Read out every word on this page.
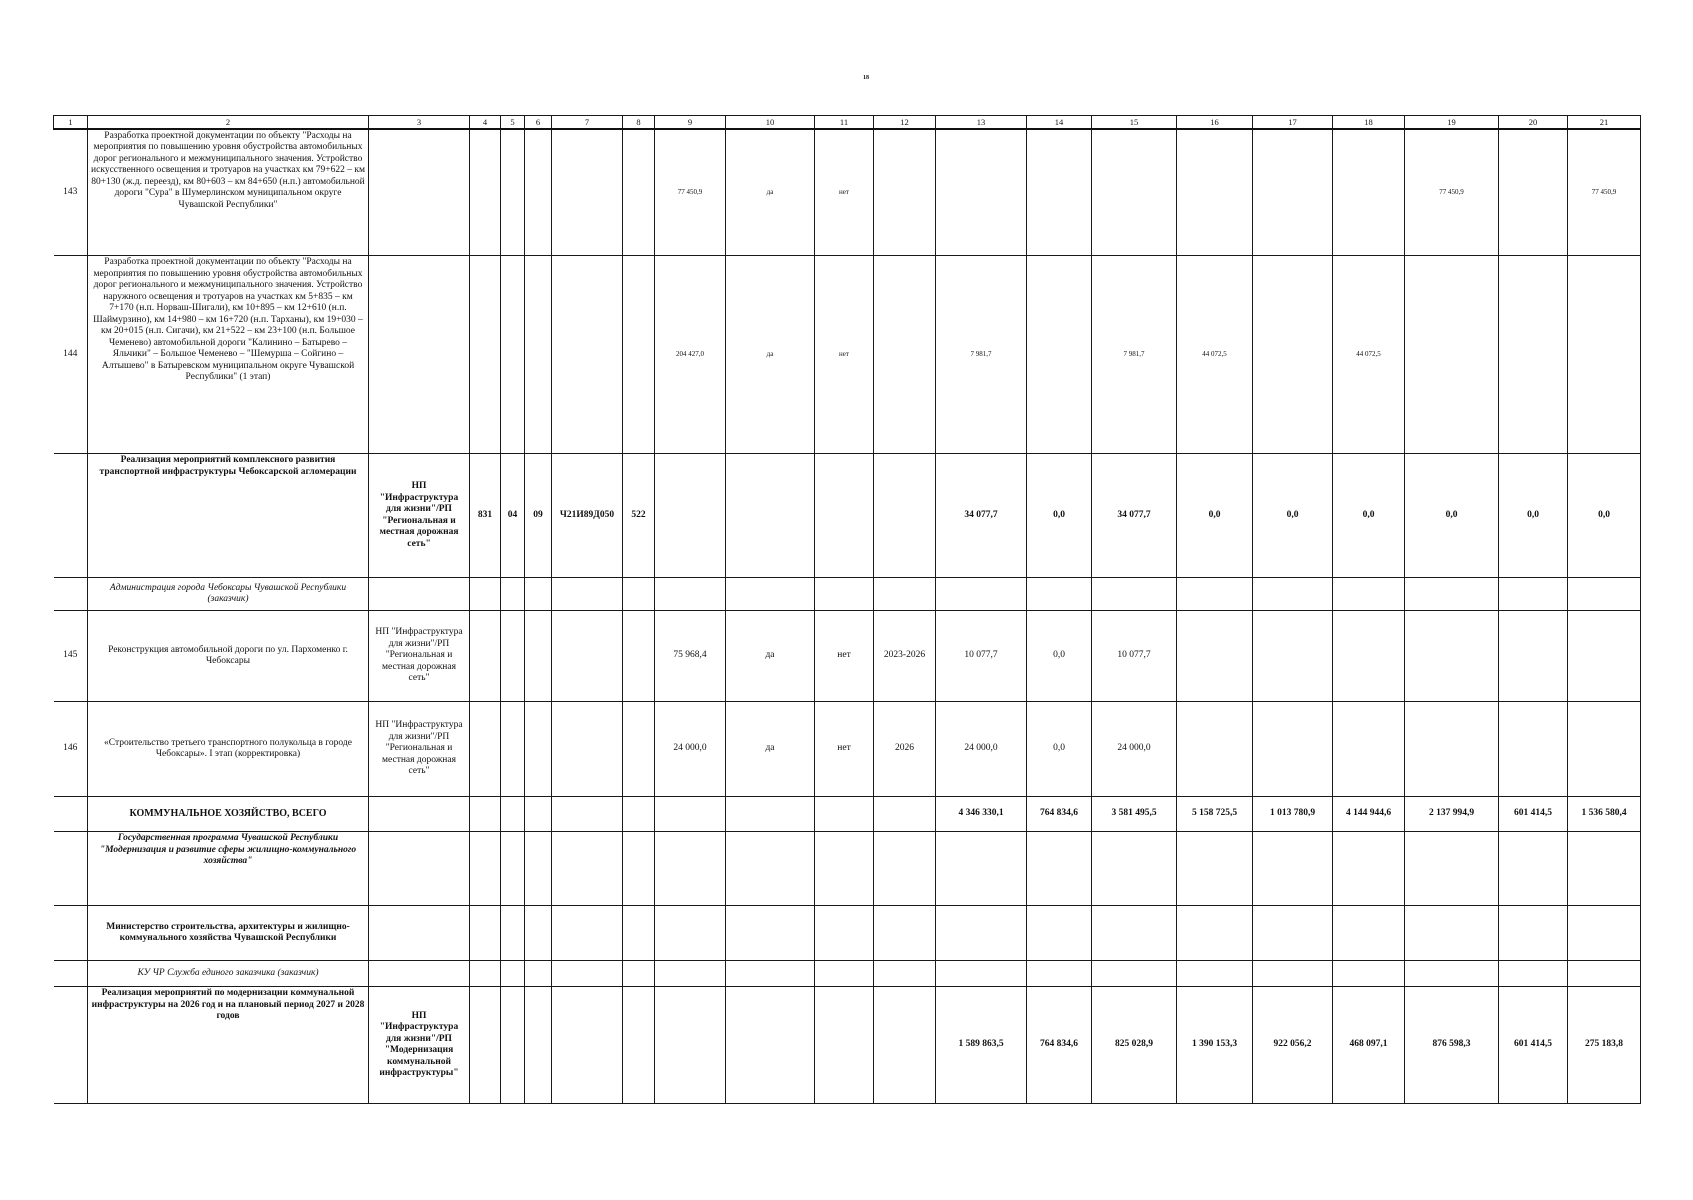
18
1	2	3	4	5	6	7	8	9	10	11	12	13	14	15	16	17	18	19	20	21
143	Разработка проектной документации по объекту "Расходы на мероприятия по повышению уровня обустройства автомобильных дорог регионального и межмуниципального значения. Устройство искусственного освещения и тротуаров на участках км 79+622 – км 80+130 (ж.д. переезд), км 80+603 – км 84+650 (н.п.) автомобильной дороги "Сура" в Шумерлинском муниципальном округе Чувашской Республики"							77 450,9	да	нет								77 450,9		77 450,9
144	Разработка проектной документации по объекту "Расходы на мероприятия по повышению уровня обустройства автомобильных дорог регионального и межмуниципального значения. Устройство наружного освещения и тротуаров на участках км 5+835 – км 7+170 (н.п. Норваш-Шигали), км 10+895 – км 12+610 (н.п. Шаймурзино), км 14+980 – км 16+720 (н.п. Тарханы), км 19+030 – км 20+015 (н.п. Сигачи), км 21+522 – км 23+100 (н.п. Большое Чеменево) автомобильной дороги "Калинино – Батырево – Яльчики" – Большое Чеменево – "Шемурша – Сойгино – Алтышево" в Батыревском муниципальном округе Чувашской Республики" (1 этап)							204 427,0	да	нет		7 981,7		7 981,7	44 072,5		44 072,5			
	Реализация мероприятий комплексного развития транспортной инфраструктуры Чебоксарской агломерации	НП "Инфраструктура для жизни"/РП "Региональная и местная дорожная сеть"	831	04	09	Ч21И89Д050	522					34 077,7	0,0	34 077,7	0,0	0,0	0,0	0,0	0,0	0,0
	Администрация города Чебоксары Чувашской Республики (заказчик)																			
145	Реконструкция автомобильной дороги по ул. Пархоменко г. Чебоксары	НП "Инфраструктура для жизни"/РП "Региональная и местная дорожная сеть"						75 968,4	да	нет	2023-2026	10 077,7	0,0	10 077,7						
146	«Строительство третьего транспортного полукольца в городе Чебоксары». I этап (корректировка)	НП "Инфраструктура для жизни"/РП "Региональная и местная дорожная сеть"						24 000,0	да	нет	2026	24 000,0	0,0	24 000,0						
	КОММУНАЛЬНОЕ ХОЗЯЙСТВО, ВСЕГО											4 346 330,1	764 834,6	3 581 495,5	5 158 725,5	1 013 780,9	4 144 944,6	2 137 994,9	601 414,5	1 536 580,4
	Государственная программа Чувашской Республики "Модернизация и развитие сферы жилищно-коммунального хозяйства"																			
	Министерство строительства, архитектуры и жилищно-коммунального хозяйства Чувашской Республики																			
	КУ ЧР Служба единого заказчика (заказчик)																			
	Реализация мероприятий по модернизации коммунальной инфраструктуры на 2026 год и на плановый период 2027 и 2028 годов	НП "Инфраструктура для жизни"/РП "Модернизация коммунальной инфраструктуры"										1 589 863,5	764 834,6	825 028,9	1 390 153,3	922 056,2	468 097,1	876 598,3	601 414,5	275 183,8
